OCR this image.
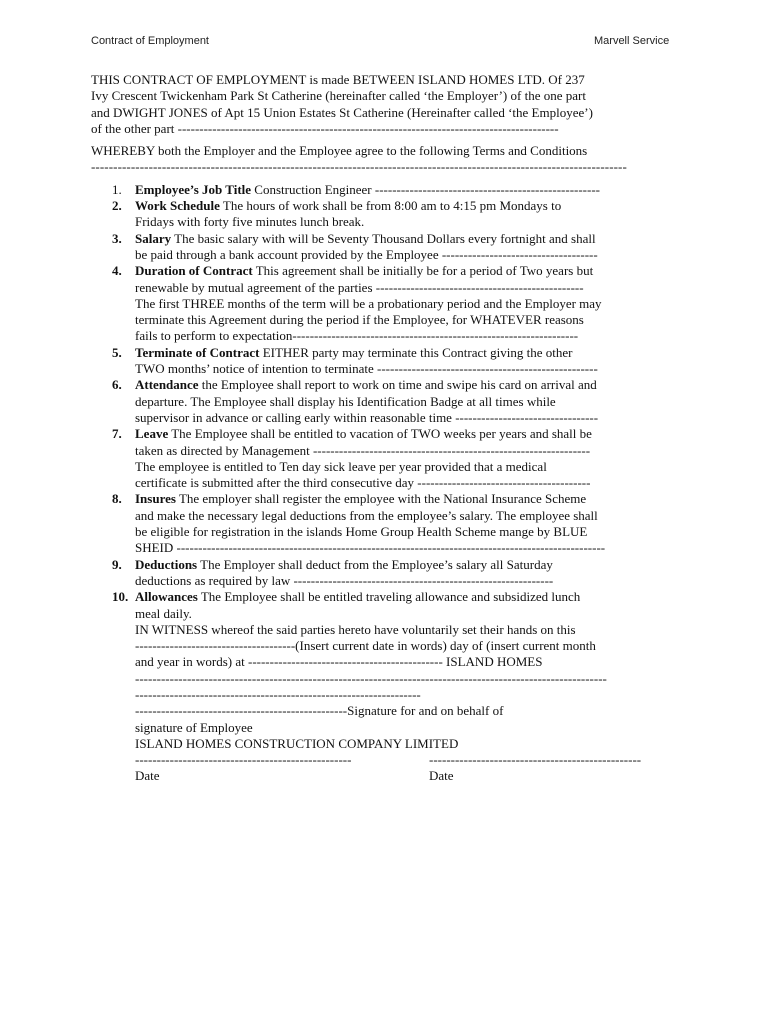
Contract of Employment	Marvell Service
THIS CONTRACT OF EMPLOYMENT is made BETWEEN ISLAND HOMES LTD. Of 237
Ivy Crescent Twickenham Park St Catherine (hereinafter called ‘the Employer’) of the one part
and DWIGHT JONES of Apt 15 Union Estates St Catherine (Hereinafter called ‘the Employee’)
of the other part ----------------------------------------------------------------------------------------
WHEREBY both the Employer and the Employee agree to the following Terms and Conditions
-------------------------------------------------------------------------------------------------------------------------
1. Employee’s Job Title Construction Engineer ----------------------------------------------------
2. Work Schedule The hours of work shall be from 8:00 am to 4:15 pm Mondays to
Fridays with forty five minutes lunch break.
3. Salary The basic salary with will be Seventy Thousand Dollars every fortnight and shall
be paid through a bank account provided by the Employee ------------------------------------
4. Duration of Contract This agreement shall be initially be for a period of Two years but
renewable by mutual agreement of the parties ------------------------------------------------
The first THREE months of the term will be a probationary period and the Employer may
terminate this Agreement during the period if the Employee, for WHATEVER reasons
fails to perform to expectation------------------------------------------------------------------
5. Terminate of Contract EITHER party may terminate this Contract giving the other
TWO months’ notice of intention to terminate ---------------------------------------------------
6. Attendance the Employee shall report to work on time and swipe his card on arrival and
departure. The Employee shall display his Identification Badge at all times while
supervisor in advance or calling early within reasonable time ---------------------------------
7. Leave The Employee shall be entitled to vacation of TWO weeks per years and shall be
taken as directed by Management ----------------------------------------------------------------
The employee is entitled to Ten day sick leave per year provided that a medical
certificate is submitted after the third consecutive day ----------------------------------------
8. Insures The employer shall register the employee with the National Insurance Scheme
and make the necessary legal deductions from the employee’s salary. The employee shall
be eligible for registration in the islands Home Group Health Scheme mange by BLUE
SHEID ---------------------------------------------------------------------------------------------------
9. Deductions The Employer shall deduct from the Employee’s salary all Saturday
deductions as required by law ------------------------------------------------------------
10. Allowances The Employee shall be entitled traveling allowance and subsidized lunch
meal daily.
IN WITNESS whereof the said parties hereto have voluntarily set their hands on this
-------------------------------------(Insert current date in words) day of (insert current month
and year in words) at --------------------------------------------- ISLAND HOMES
-------------------------------------------------------------------------------------------------------------
------------------------------------------------------------------
-------------------------------------------------Signature for and on behalf of
signature of Employee
ISLAND HOMES CONSTRUCTION COMPANY LIMITED
--------------------------------------------------	-------------------------------------------------
Date	Date
